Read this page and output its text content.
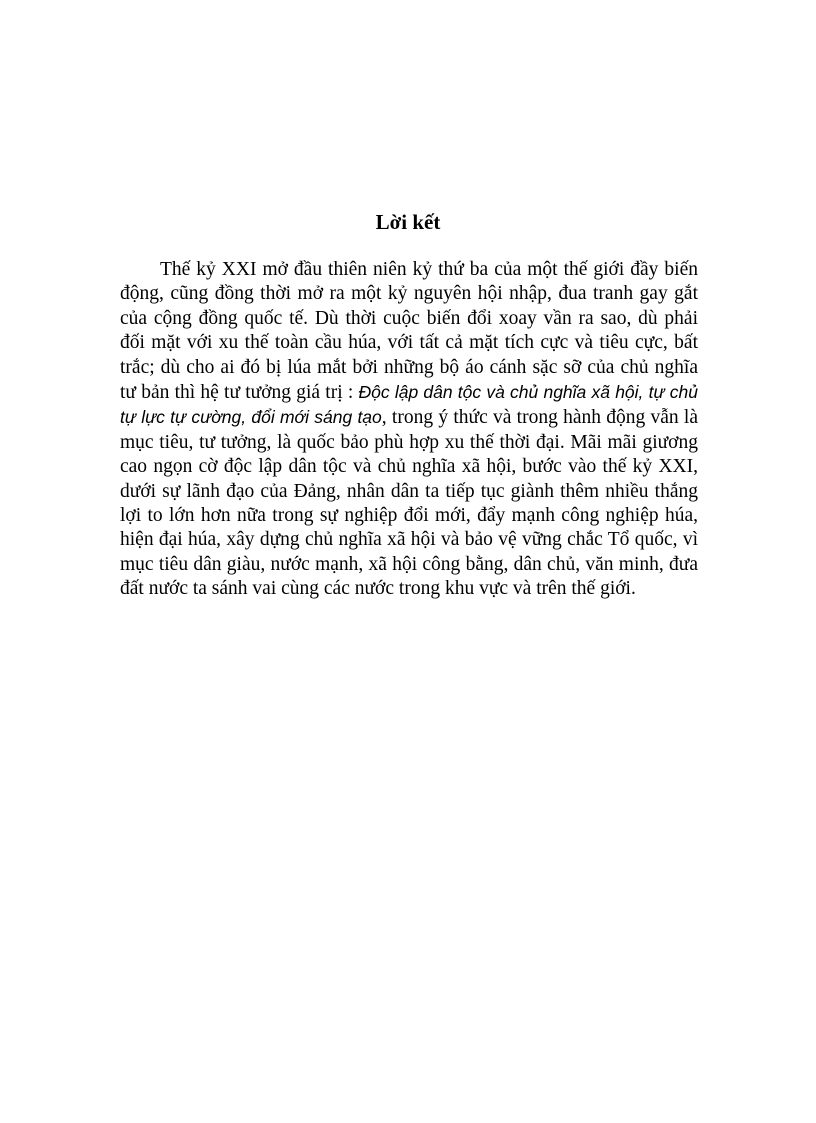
Lời kết

Thế kỷ XXI mở đầu thiên niên kỷ thứ ba của một thế giới đầy biến động, cũng đồng thời mở ra một kỷ nguyên hội nhập, đua tranh gay gắt của cộng đồng quốc tế. Dù thời cuộc biến đổi xoay vần ra sao, dù phải đối mặt với xu thế toàn cầu húa, với tất cả mặt tích cực và tiêu cực, bất trắc; dù cho ai đó bị lúa mắt bởi những bộ áo cánh sặc sỡ của chủ nghĩa tư bản thì hệ tư tưởng giá trị : Độc lập dân tộc và chủ nghĩa xã hội, tự chủ tự lực tự cường, đổi mới sáng tạo, trong ý thức và trong hành động vẫn là mục tiêu, tư tưởng, là quốc bảo phù hợp xu thế thời đại. Mãi mãi giương cao ngọn cờ độc lập dân tộc và chủ nghĩa xã hội, bước vào thế kỷ XXI, dưới sự lãnh đạo của Đảng, nhân dân ta tiếp tục giành thêm nhiều thắng lợi to lớn hơn nữa trong sự nghiệp đổi mới, đẩy mạnh công nghiệp húa, hiện đại húa, xây dựng chủ nghĩa xã hội và bảo vệ vững chắc Tổ quốc, vì mục tiêu dân giàu, nước mạnh, xã hội công bằng, dân chủ, văn minh, đưa đất nước ta sánh vai cùng các nước trong khu vực và trên thế giới.
